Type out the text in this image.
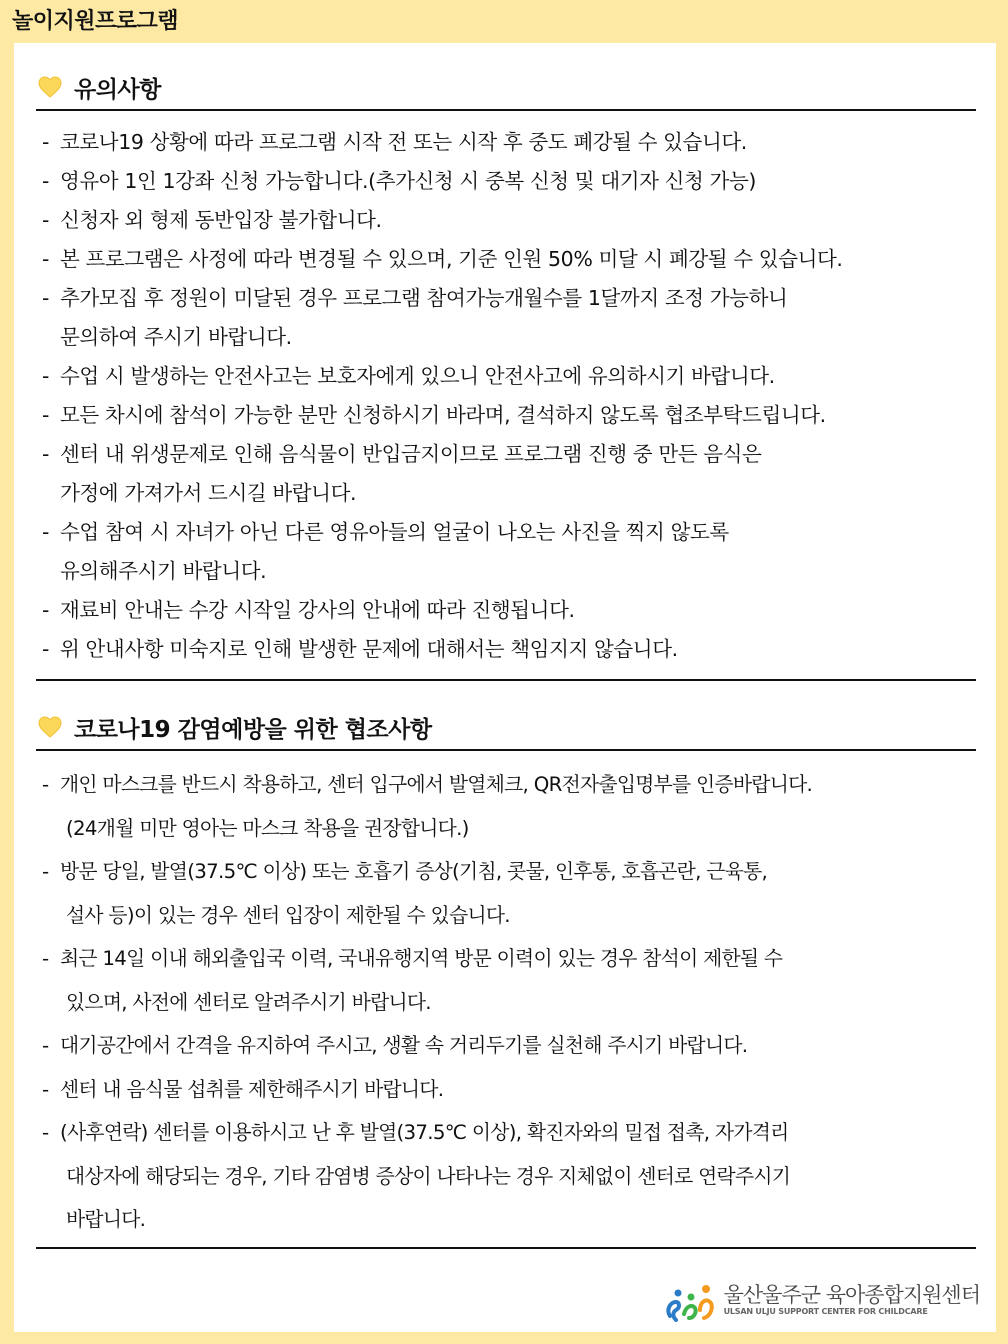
놀이지원프로그램
유의사항
- 코로나19 상황에 따라 프로그램 시작 전 또는 시작 후 중도 폐강될 수 있습니다.
- 영유아 1인 1강좌 신청 가능합니다.(추가신청 시 중복 신청 및 대기자 신청 가능)
- 신청자 외 형제 동반입장 불가합니다.
- 본 프로그램은 사정에 따라 변경될 수 있으며, 기준 인원 50% 미달 시 폐강될 수 있습니다.
- 추가모집 후 정원이 미달된 경우 프로그램 참여가능개월수를 1달까지 조정 가능하니
문의하여 주시기 바랍니다.
- 수업 시 발생하는 안전사고는 보호자에게 있으니 안전사고에 유의하시기 바랍니다.
- 모든 차시에 참석이 가능한 분만 신청하시기 바라며, 결석하지 않도록 협조부탁드립니다.
- 센터 내 위생문제로 인해 음식물이 반입금지이므로 프로그램 진행 중 만든 음식은
가정에 가져가서 드시길 바랍니다.
- 수업 참여 시 자녀가 아닌 다른 영유아들의 얼굴이 나오는 사진을 찍지 않도록
유의해주시기 바랍니다.
- 재료비 안내는 수강 시작일 강사의 안내에 따라 진행됩니다.
- 위 안내사항 미숙지로 인해 발생한 문제에 대해서는 책임지지 않습니다.
코로나19 감염예방을 위한 협조사항
- 개인 마스크를 반드시 착용하고, 센터 입구에서 발열체크, QR전자출입명부를 인증바랍니다.
(24개월 미만 영아는 마스크 착용을 권장합니다.)
- 방문 당일, 발열(37.5℃ 이상) 또는 호흡기 증상(기침, 콧물, 인후통, 호흡곤란, 근육통,
설사 등)이 있는 경우 센터 입장이 제한될 수 있습니다.
- 최근 14일 이내 해외출입국 이력, 국내유행지역 방문 이력이 있는 경우 참석이 제한될 수
있으며, 사전에 센터로 알려주시기 바랍니다.
- 대기공간에서 간격을 유지하여 주시고, 생활 속 거리두기를 실천해 주시기 바랍니다.
- 센터 내 음식물 섭취를 제한해주시기 바랍니다.
- (사후연락) 센터를 이용하시고 난 후 발열(37.5℃ 이상), 확진자와의 밀접 접촉, 자가격리
대상자에 해당되는 경우, 기타 감염병 증상이 나타나는 경우 지체없이 센터로 연락주시기
바랍니다.
울산울주군 육아종합지원센터
ULSAN ULJU SUPPORT CENTER FOR CHILDCARE
